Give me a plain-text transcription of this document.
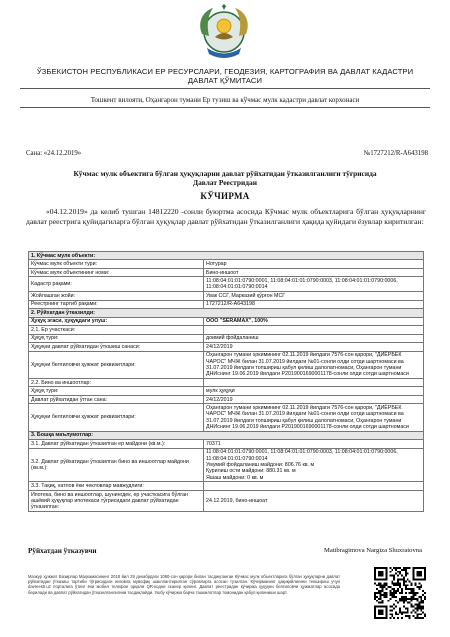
ЎЗБЕКИСТОН РЕСПУБЛИКАСИ ЕР РЕСУРСЛАРИ, ГЕОДЕЗИЯ, КАРТОГРАФИЯ ВА ДАВЛАТ КАДАСТРИ
ДАВЛАТ ҚЎМИТАСИ
Тошкент вилояти, Оҳангарон тумани Ер тузиш ва кўчмас мулк кадастри давлат корхонаси
Сана: «24.12.2019»	№1727212/R-A643198
Кўчмас мулк объектига бўлган ҳуқуқларни давлат рўйхатидан ўтказилганлиги тўғрисида
Давлат Реестридан
КЎЧИРМА
«04.12.2019» да келиб тушган 14812220 -сонли буюртма асосида Кўчмас мулк объектларига бўлган ҳуқуқларнинг давлат реестрига қуйидагиларга бўлган ҳуқуқлар давлат рўйхатидан ўтказилганлиги ҳақида қуйидаги ёзувлар киритилган:
1. Кўчмас мулк объекти:	
Кўчмас мулк объекти тури:	Нотурар
Кўчмас мулк объектининг номи:	Бино-иншоот
Кадастр рақами:	11:08:04:01:01:0790:0001, 11:08:04:01:01:0790:0003, 11:08:04:01:01:0790:0006, 11:08:04:01:01:0790:0014
Жойлашган жойи:	Увак ССГ, Марказий қўрғон МСГ
Реестрнинг тартиб рақами:	1727212/R-A643198
2. Рўйхатдан ўтказилди:	
Ҳуқуқ эгаси, ҳуқуқдаги улуш:	ООО "SERAMAX", 100%
2.1. Ер участкаси:	
Ҳуқуқ тури:	доимий фойдаланиш
Ҳуқуқни давлат рўйхатидан ўтказиш санаси:	24/12/2019
Ҳуқуқни белгиловчи ҳужжат реквизитлари:	Оҳангарон тумани ҳокимининг 02.11.2019 йилдаги 7576-сон қарори, "ДИЁРБЕК ЧАРОС" МЧЖ билан 31.07.2019 йилдаги №01-сонли олди сотди шартномаси ва 31.07.2019 йилдаги топшириш қабул қилиш далолатномаси, Оҳангарон тумани ДНИснинг 19.06.2019 йилдаги Р2019001690001178-сонли олди сотди шартномаси
2.2. Бино ва иншоотлар:	
Ҳуқуқ тури:	мулк ҳуқуқи
Давлат рўйхатидан ўтган сана:	24/12/2019
Ҳуқуқни белгиловчи ҳужжат реквизитлари:	Оҳангарон тумани ҳокимининг 02.11.2019 йилдаги 7576-сон қарори, "ДИЁРБЕК ЧАРОС" МЧЖ билан 31.07.2019 йилдаги №01-сонли олди сотди шартномаси ва 31.07.2019 йилдаги топшириш қабул қилиш далолатномаси, Оҳангарон тумани ДНИснинг 19.06.2019 йилдаги Р2019001690001178-сонли олди сотди шартномаси
3. Бошқа маълумотлар:	
3.1. Давлат рўйхатидан ўтказилган ер майдони (кв.м.):	70371
3.2. Давлат рўйхатидан ўтказилган бино ва иншоотлар майдони (кв.м.):	11:08:04:01:01:0790:0001, 11:08:04:01:01:0790:0003, 11:08:04:01:01:0790:0006, 11:08:04:01:01:0790:0014
Умумий фойдаланиш майдони: 806.76 кв. м
Қурилиш ости майдони: 880.31 кв. м
Яшаш майдони: 0 кв. м

3.3. Тақиқ, хатлов ёки чекловлар мавжудлиги:	
Ипотека, бино ва иншоотлар, шунингдек, ер участкасига бўлган ашёвий ҳуқуқлар ипотекаси тўғрисидаги давлат рўйхатидан ўтказилган:	24.12.2019, бино-иншоат
Рўйхатдан ўтказувчи	Matibragimova Nargiza Shuxratovna
Мазкур ҳужжат Вазирлар Маҳкамасининг 2018 йил 29 декабрдаги 1060-сон қарори билан тасдиқланган Кўчмас мулк объектларига бўлган ҳуқуқларни давлат рўйхатидан ўтказиш тартиби тўғрисидаги низомга мувофиқ шакллантирилган сўровларга асосан тузилган. Кўчирманинг ҳақиқийлигини текшириш учун davreestr.uz порталига ўтинг ёки мобил телефон орқали QR-кодни сканер қилинг. Давлат реестридан кўчирма ҳуқуқни белгиловчи ҳужжатлар асосида берилади ва давлат рўйхатидан ўтказилганлигини тасдиқлайди. Ушбу кўчирма барча ташкилотлар томонидан қабул қилиниши шарт.
